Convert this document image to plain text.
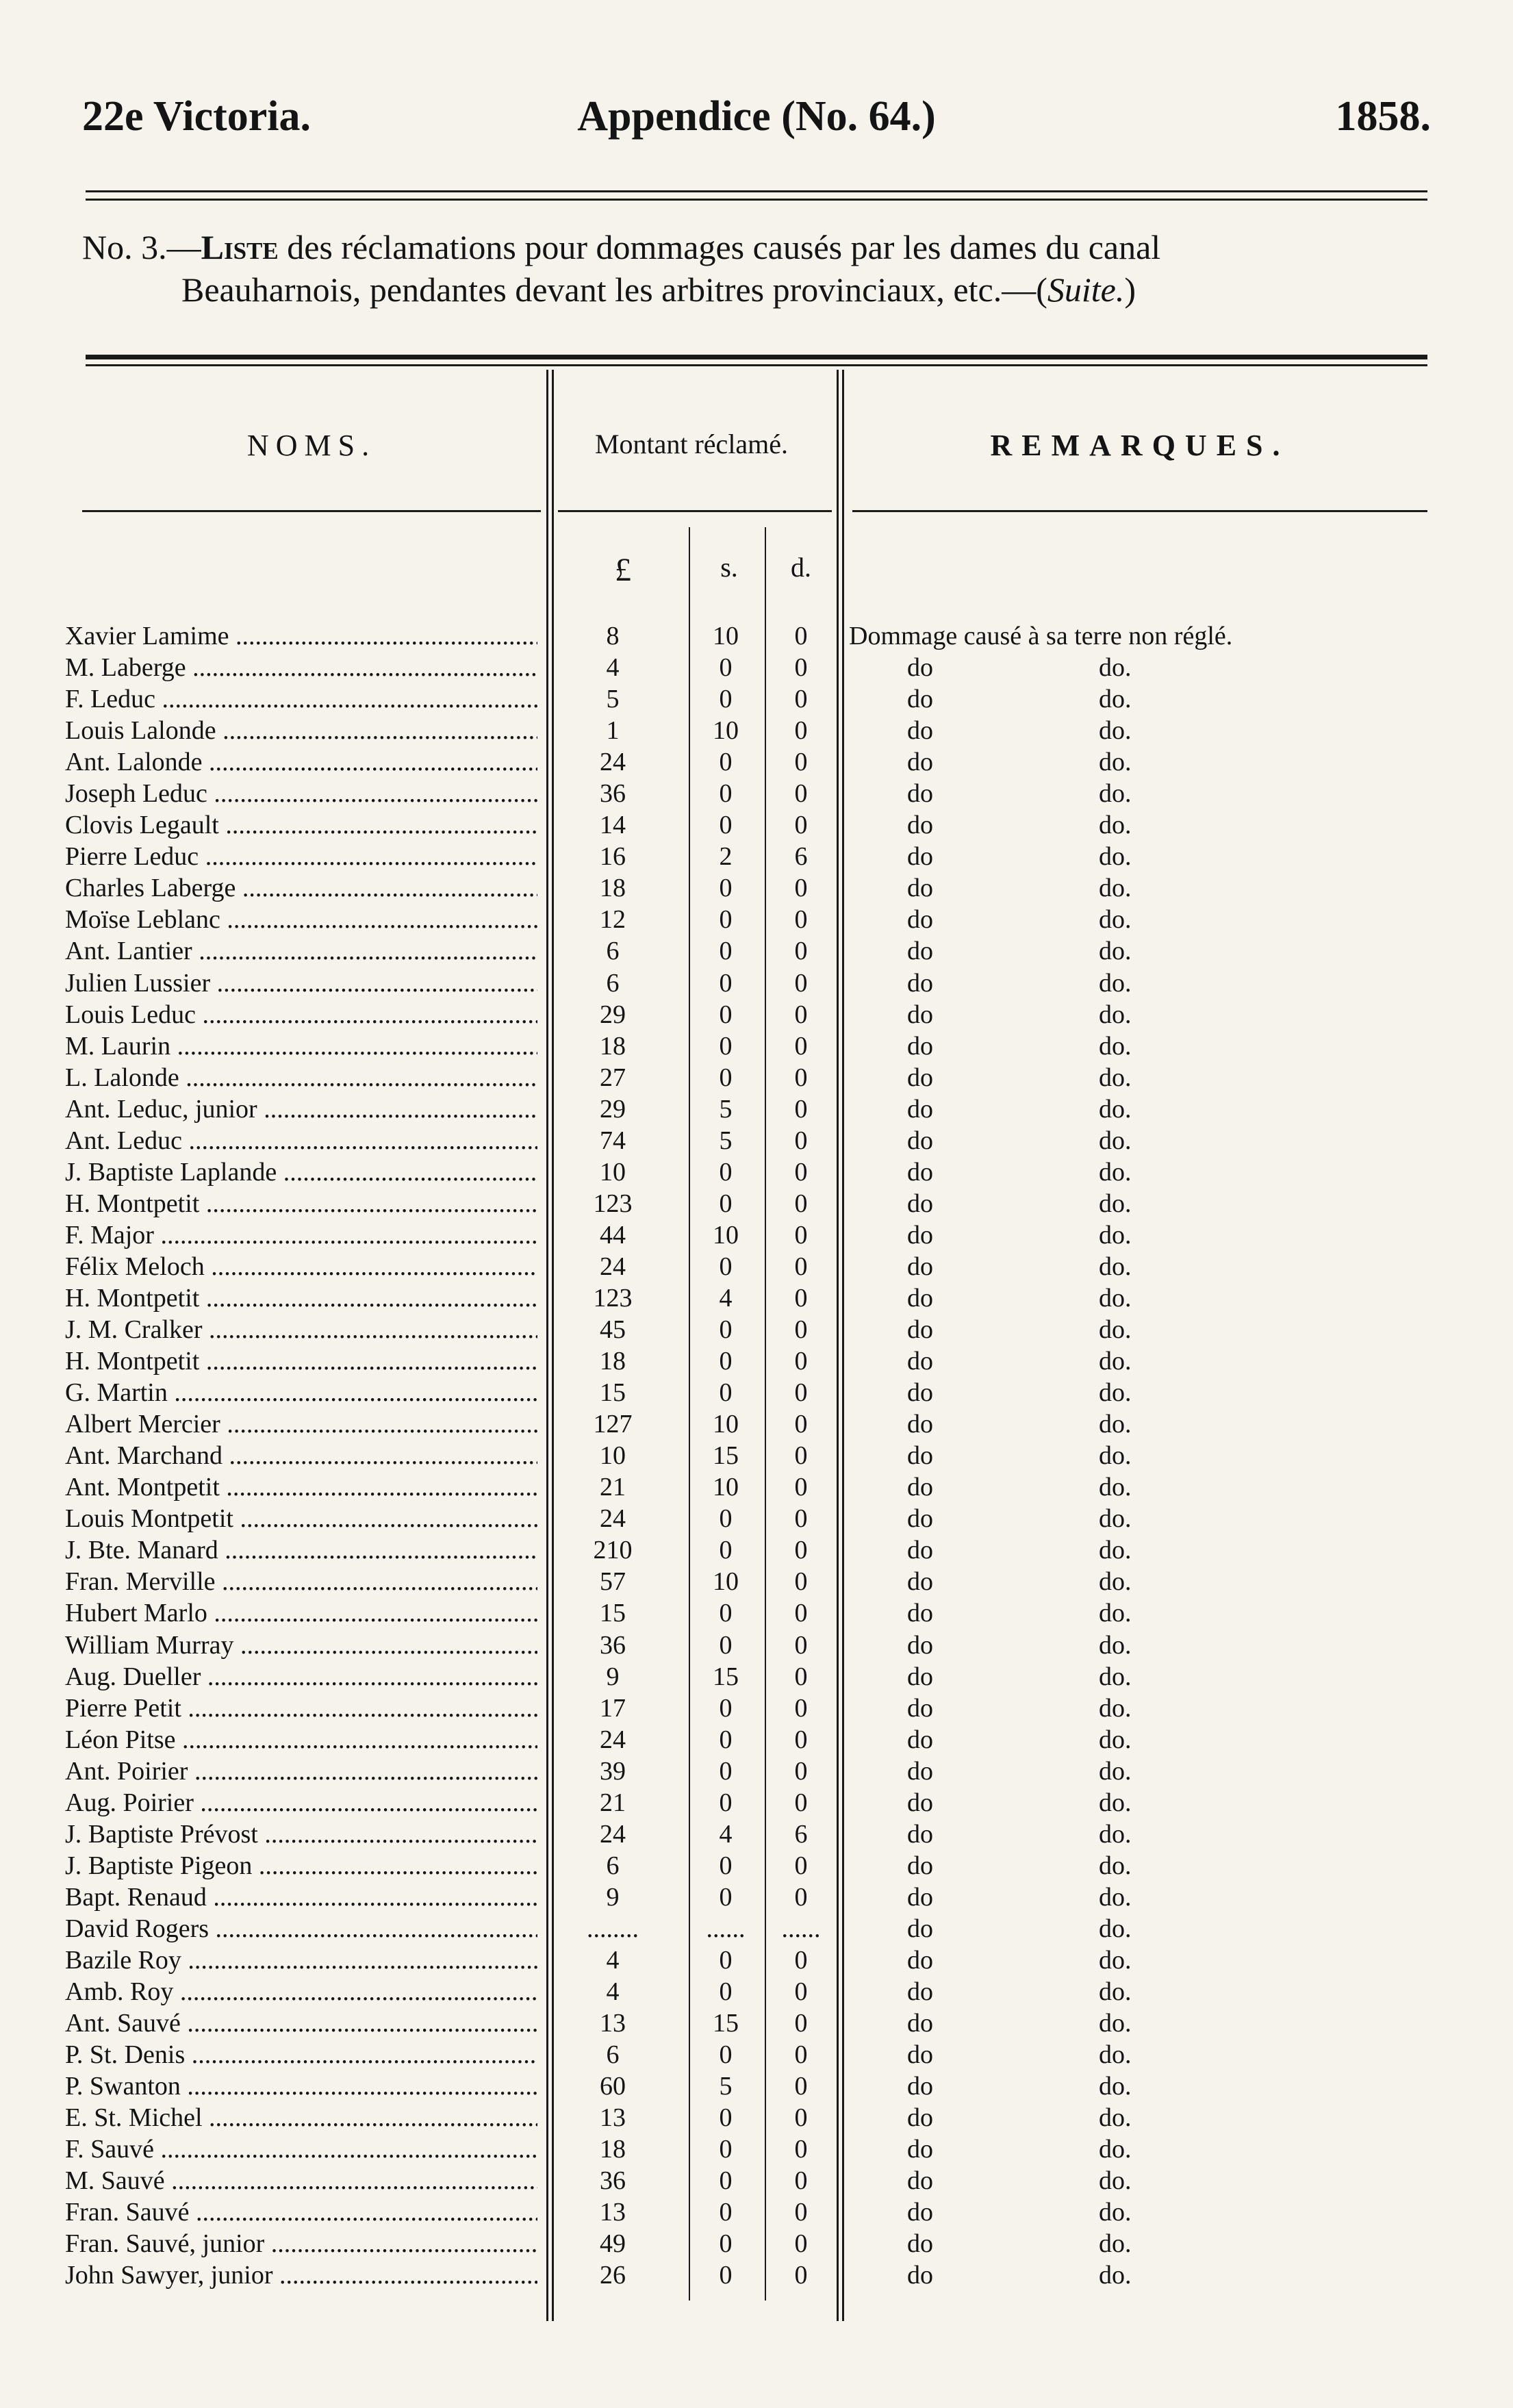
22e Victoria.	Appendice (No. 64.)	1858.
No. 3.—Liste des réclamations pour dommages causés par les dames du canal
Beauharnois, pendantes devant les arbitres provinciaux, etc.—(Suite.)
NOMS.	Montant réclamé.	REMARQUES.
£	s.	d.
Xavier Lamime .....	8	10	0	Dommage causé à sa terre non réglé.
M. Laberge .....	4	0	0	do	do.
F. Leduc .....	5	0	0	do	do.
Louis Lalonde .....	1	10	0	do	do.
Ant. Lalonde .....	24	0	0	do	do.
Joseph Leduc .....	36	0	0	do	do.
Clovis Legault .....	14	0	0	do	do.
Pierre Leduc .....	16	2	6	do	do.
Charles Laberge .....	18	0	0	do	do.
Moïse Leblanc .....	12	0	0	do	do.
Ant. Lantier .....	6	0	0	do	do.
Julien Lussier .....	6	0	0	do	do.
Louis Leduc .....	29	0	0	do	do.
M. Laurin .....	18	0	0	do	do.
L. Lalonde .....	27	0	0	do	do.
Ant. Leduc, junior .....	29	5	0	do	do.
Ant. Leduc .....	74	5	0	do	do.
J. Baptiste Laplande .....	10	0	0	do	do.
H. Montpetit .....	123	0	0	do	do.
F. Major .....	44	10	0	do	do.
Félix Meloch .....	24	0	0	do	do.
H. Montpetit .....	123	4	0	do	do.
J. M. Cralker .....	45	0	0	do	do.
H. Montpetit .....	18	0	0	do	do.
G. Martin .....	15	0	0	do	do.
Albert Mercier .....	127	10	0	do	do.
Ant. Marchand .....	10	15	0	do	do.
Ant. Montpetit .....	21	10	0	do	do.
Louis Montpetit .....	24	0	0	do	do.
J. Bte. Manard .....	210	0	0	do	do.
Fran. Merville .....	57	10	0	do	do.
Hubert Marlo .....	15	0	0	do	do.
William Murray .....	36	0	0	do	do.
Aug. Dueller .....	9	15	0	do	do.
Pierre Petit .....	17	0	0	do	do.
Léon Pitse .....	24	0	0	do	do.
Ant. Poirier .....	39	0	0	do	do.
Aug. Poirier .....	21	0	0	do	do.
J. Baptiste Prévost .....	24	4	6	do	do.
J. Baptiste Pigeon .....	6	0	0	do	do.
Bapt. Renaud .....	9	0	0	do	do.
David Rogers .....	........	......	......	do	do.
Bazile Roy .....	4	0	0	do	do.
Amb. Roy .....	4	0	0	do	do.
Ant. Sauvé .....	13	15	0	do	do.
P. St. Denis .....	6	0	0	do	do.
P. Swanton .....	60	5	0	do	do.
E. St. Michel .....	13	0	0	do	do.
F. Sauvé .....	18	0	0	do	do.
M. Sauvé .....	36	0	0	do	do.
Fran. Sauvé .....	13	0	0	do	do.
Fran. Sauvé, junior .....	49	0	0	do	do.
John Sawyer, junior .....	26	0	0	do	do.
